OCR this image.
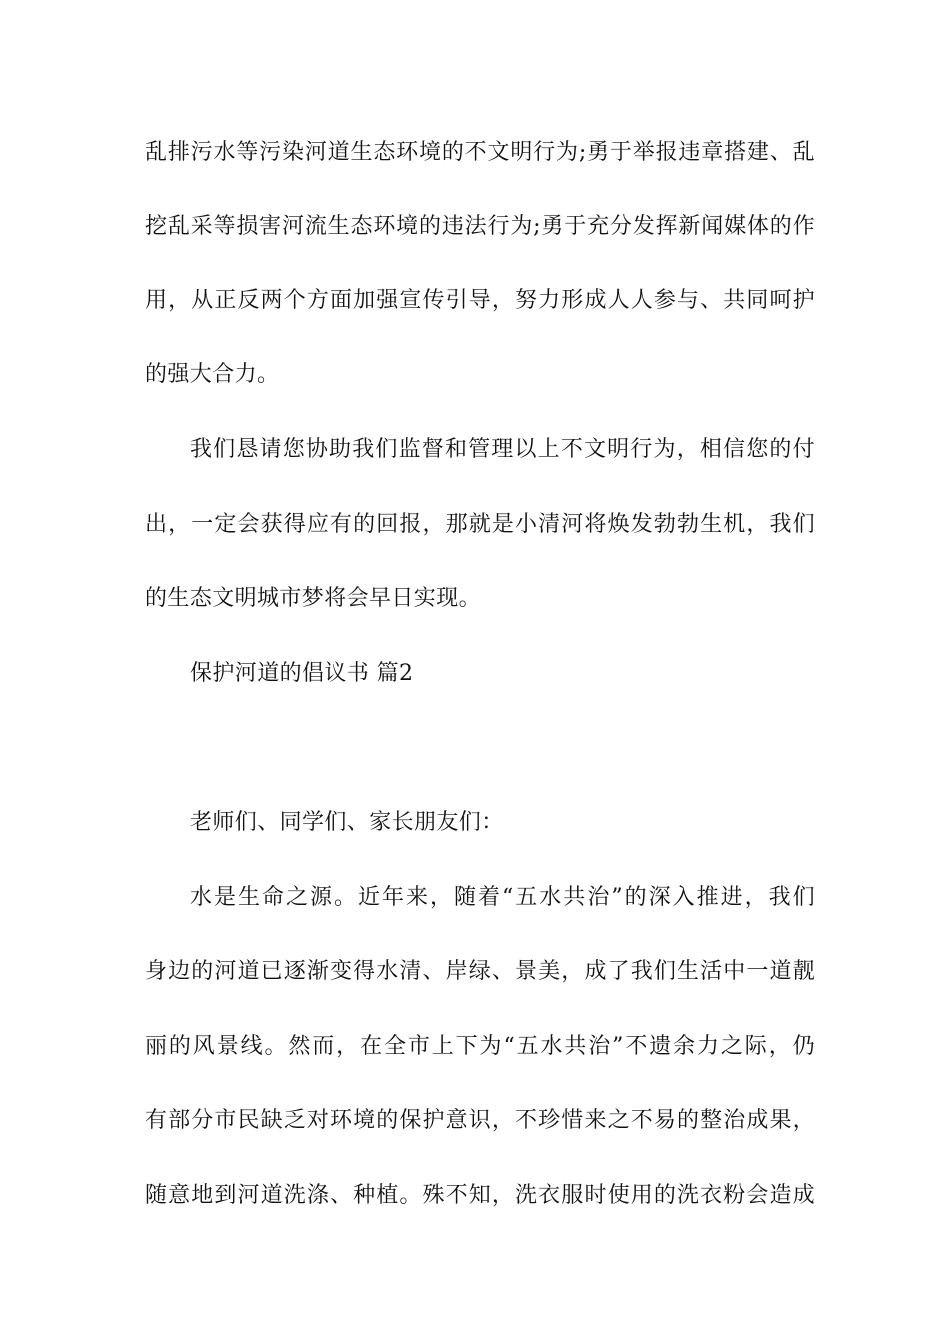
乱排污水等污染河道生态环境的不文明行为;勇于举报违章搭建、乱
挖乱采等损害河流生态环境的违法行为;勇于充分发挥新闻媒体的作
用，从正反两个方面加强宣传引导，努力形成人人参与、共同呵护
的强大合力。
我们恳请您协助我们监督和管理以上不文明行为，相信您的付
出，一定会获得应有的回报，那就是小清河将焕发勃勃生机，我们
的生态文明城市梦将会早日实现。
保护河道的倡议书 篇2
老师们、同学们、家长朋友们：
水是生命之源。近年来，随着“五水共治”的深入推进，我们
身边的河道已逐渐变得水清、岸绿、景美，成了我们生活中一道靓
丽的风景线。然而，在全市上下为“五水共治”不遗余力之际，仍
有部分市民缺乏对环境的保护意识，不珍惜来之不易的整治成果，
随意地到河道洗涤、种植。殊不知，洗衣服时使用的洗衣粉会造成
